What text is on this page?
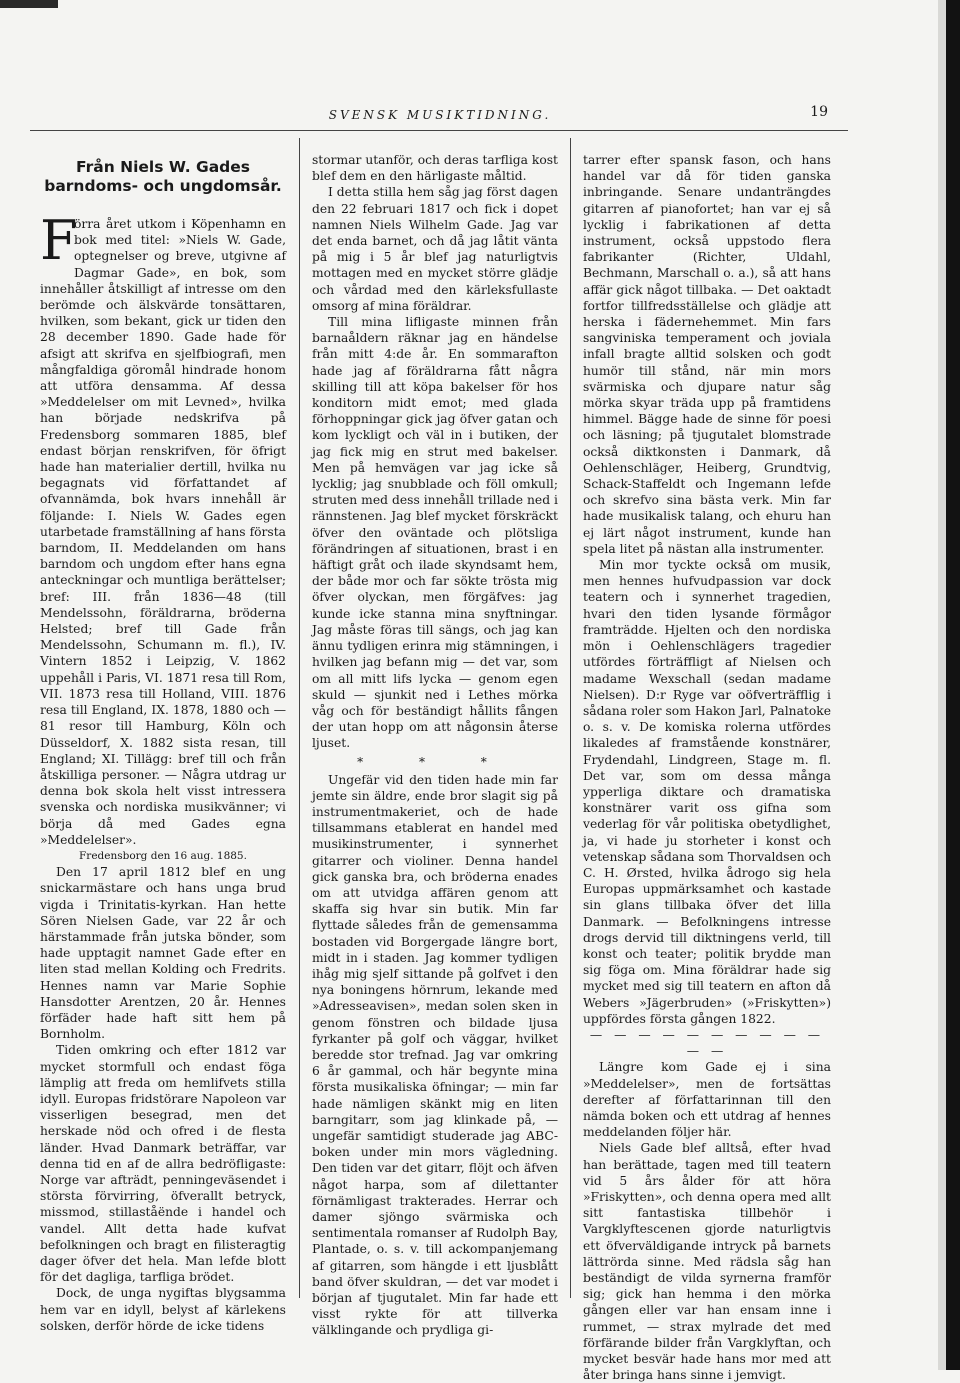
SVENSK MUSIKTIDNING.	19
Från Niels W. Gades barndoms- och ungdomsår.

F
örra året utkom i Köpenhamn en bok med titel: »Niels W. Gade, optegnelser og breve, utgivne af Dagmar Gade», en bok, som innehåller åtskilligt af intresse om den berömde och älskvärde tonsättaren, hvilken, som bekant, gick ur tiden den 28 december 1890. Gade hade för afsigt att skrifva en sjelfbiografi, men mångfaldiga göromål hindrade honom att utföra densamma. Af dessa »Meddelelser om mit Levned», hvilka han började nedskrifva på Fredensborg sommaren 1885, blef endast början renskrifven, för öfrigt hade han materialier dertill, hvilka nu begagnats vid författandet af ofvannämda, bok hvars innehåll är följande: I. Niels W. Gades egen utarbetade framställning af hans första barndom, II. Meddelanden om hans barndom och ungdom efter hans egna anteckningar och muntliga berättelser; bref: III. från 1836—48 (till Mendelssohn, föräldrarna, bröderna Helsted; bref till Gade från Mendelssohn, Schumann m. fl.), IV. Vintern 1852 i Leipzig, V. 1862 uppehåll i Paris, VI. 1871 resa till Rom, VII. 1873 resa till Holland, VIII. 1876 resa till England, IX. 1878, 1880 och —81 resor till Hamburg, Köln och Düsseldorf, X. 1882 sista resan, till England; XI. Tillägg: bref till och från åtskilliga personer. — Några utdrag ur denna bok skola helt visst intressera svenska och nordiska musikvänner; vi börja då med Gades egna »Meddelelser».

Fredensborg den 16 aug. 1885.

Den 17 april 1812 blef en ung snickarmästare och hans unga brud vigda i Trinitatis-kyrkan. Han hette Sören Nielsen Gade, var 22 år och härstammade från jutska bönder, som hade upptagit namnet Gade efter en liten stad mellan Kolding och Fredrits. Hennes namn var Marie Sophie Hansdotter Arentzen, 20 år. Hennes förfäder hade haft sitt hem på Bornholm.

Tiden omkring och efter 1812 var mycket stormfull och endast föga lämplig att freda om hemlifvets stilla idyll. Europas fridstörare Napoleon var visserligen besegrad, men det herskade nöd och ofred i de flesta länder. Hvad Danmark beträffar, var denna tid en af de allra bedröfligaste: Norge var afträdt, penningeväsendet i största förvirring, öfverallt betryck, missmod, stillaståënde i handel och vandel. Allt detta hade kufvat befolkningen och bragt en filisteragtig dager öfver det hela. Man lefde blott för det dagliga, tarfliga brödet.

Dock, de unga nygiftas blygsamma hem var en idyll, belyst af kärlekens solsken, derför hörde de icke tidens

stormar utanför, och deras tarfliga kost blef dem en den härligaste måltid.

I detta stilla hem såg jag först dagen den 22 februari 1817 och fick i dopet namnen Niels Wilhelm Gade. Jag var det enda barnet, och då jag låtit vänta på mig i 5 år blef jag naturligtvis mottagen med en mycket större glädje och vårdad med den kärleksfullaste omsorg af mina föräldrar.

Till mina lifligaste minnen från barnaåldern räknar jag en händelse från mitt 4:de år. En sommarafton hade jag af föräldrarna fått några skilling till att köpa bakelser för hos konditorn midt emot; med glada förhoppningar gick jag öfver gatan och kom lyckligt och väl in i butiken, der jag fick mig en strut med bakelser. Men på hemvägen var jag icke så lycklig; jag snubblade och föll omkull; struten med dess innehåll trillade ned i rännstenen. Jag blef mycket förskräckt öfver den oväntade och plötsliga förändringen af situationen, brast i en häftigt gråt och ilade skyndsamt hem, der både mor och far sökte trösta mig öfver olyckan, men förgäfves: jag kunde icke stanna mina snyftningar. Jag måste föras till sängs, och jag kan ännu tydligen erinra mig stämningen, i hvilken jag befann mig — det var, som om all mitt lifs lycka — genom egen skuld — sjunkit ned i Lethes mörka våg och för beständigt hållits fången der utan hopp om att någonsin återse ljuset.

* * *

Ungefär vid den tiden hade min far jemte sin äldre, ende bror slagit sig på instrumentmakeriet, och de hade tillsammans etablerat en handel med musikinstrumenter, i synnerhet gitarrer och violiner. Denna handel gick ganska bra, och bröderna enades om att utvidga affären genom att skaffa sig hvar sin butik. Min far flyttade således från de gemensamma bostaden vid Borgergade längre bort, midt in i staden. Jag kommer tydligen ihåg mig sjelf sittande på golfvet i den nya boningens hörnrum, lekande med »Adresseavisen», medan solen sken in genom fönstren och bildade ljusa fyrkanter på golf och väggar, hvilket beredde stor trefnad. Jag var omkring 6 år gammal, och här begynte mina första musikaliska öfningar; — min far hade nämligen skänkt mig en liten barngitarr, som jag klinkade på, — ungefär samtidigt studerade jag ABC-boken under min mors vägledning. Den tiden var det gitarr, flöjt och äfven något harpa, som af dilettanter förnämligast trakterades. Herrar och damer sjöngo svärmiska och sentimentala romanser af Rudolph Bay, Plantade, o. s. v. till ackompanjemang af gitarren, som hängde i ett ljusblått band öfver skuldran, — det var modet i början af tjugutalet. Min far hade ett visst rykte för att tillverka välklingande och prydliga gi-

tarrer efter spansk fason, och hans handel var då för tiden ganska inbringande. Senare undanträngdes gitarren af pianofortet; han var ej så lycklig i fabrikationen af detta instrument, också uppstodo flera fabrikanter (Richter, Uldahl, Bechmann, Marschall o. a.), så att hans affär gick något tillbaka. — Det oaktadt fortfor tillfredsställelse och glädje att herska i fädernehemmet. Min fars sangviniska temperament och joviala infall bragte alltid solsken och godt humör till stånd, när min mors svärmiska och djupare natur såg mörka skyar träda upp på framtidens himmel. Bägge hade de sinne för poesi och läsning; på tjugutalet blomstrade också diktkonsten i Danmark, då Oehlenschläger, Heiberg, Grundtvig, Schack-Staffeldt och Ingemann lefde och skrefvo sina bästa verk. Min far hade musikalisk talang, och ehuru han ej lärt något instrument, kunde han spela litet på nästan alla instrumenter.

Min mor tyckte också om musik, men hennes hufvudpassion var dock teatern och i synnerhet tragedien, hvari den tiden lysande förmågor framträdde. Hjelten och den nordiska mön i Oehlenschlägers tragedier utfördes förträffligt af Nielsen och madame Wexschall (sedan madame Nielsen). D:r Ryge var oöfverträfflig i sådana roler som Hakon Jarl, Palnatoke o. s. v. De komiska rolerna utfördes likaledes af framstående konstnärer, Frydendahl, Lindgreen, Stage m. fl. Det var, som om dessa många ypperliga diktare och dramatiska konstnärer varit oss gifna som vederlag för vår politiska obetydlighet, ja, vi hade ju storheter i konst och vetenskap sådana som Thorvaldsen och C. H. Ørsted, hvilka ådrogo sig hela Europas uppmärksamhet och kastade sin glans tillbaka öfver det lilla Danmark. — Befolkningens intresse drogs dervid till diktningens verld, till konst och teater; politik brydde man sig föga om. Mina föräldrar hade sig mycket med sig till teatern en afton då Webers »Jägerbruden» (»Friskytten») uppfördes första gången 1822.

— — — — — — — — — — — —

Längre kom Gade ej i sina »Meddelelser», men de fortsättas derefter af författarinnan till den nämda boken och ett utdrag af hennes meddelanden följer här.

Niels Gade blef alltså, efter hvad han berättade, tagen med till teatern vid 5 års ålder för att höra »Friskytten», och denna opera med allt sitt fantastiska tillbehör i Vargklyftescenen gjorde naturligtvis ett öfverväldigande intryck på barnets lättrörda sinne. Med rädsla såg han beständigt de vilda syrnerna framför sig; gick han hemma i den mörka gången eller var han ensam inne i rummet, — strax mylrade det med förfärande bilder från Vargklyftan, och mycket besvär hade hans mor med att åter bringa hans sinne i jemvigt.
